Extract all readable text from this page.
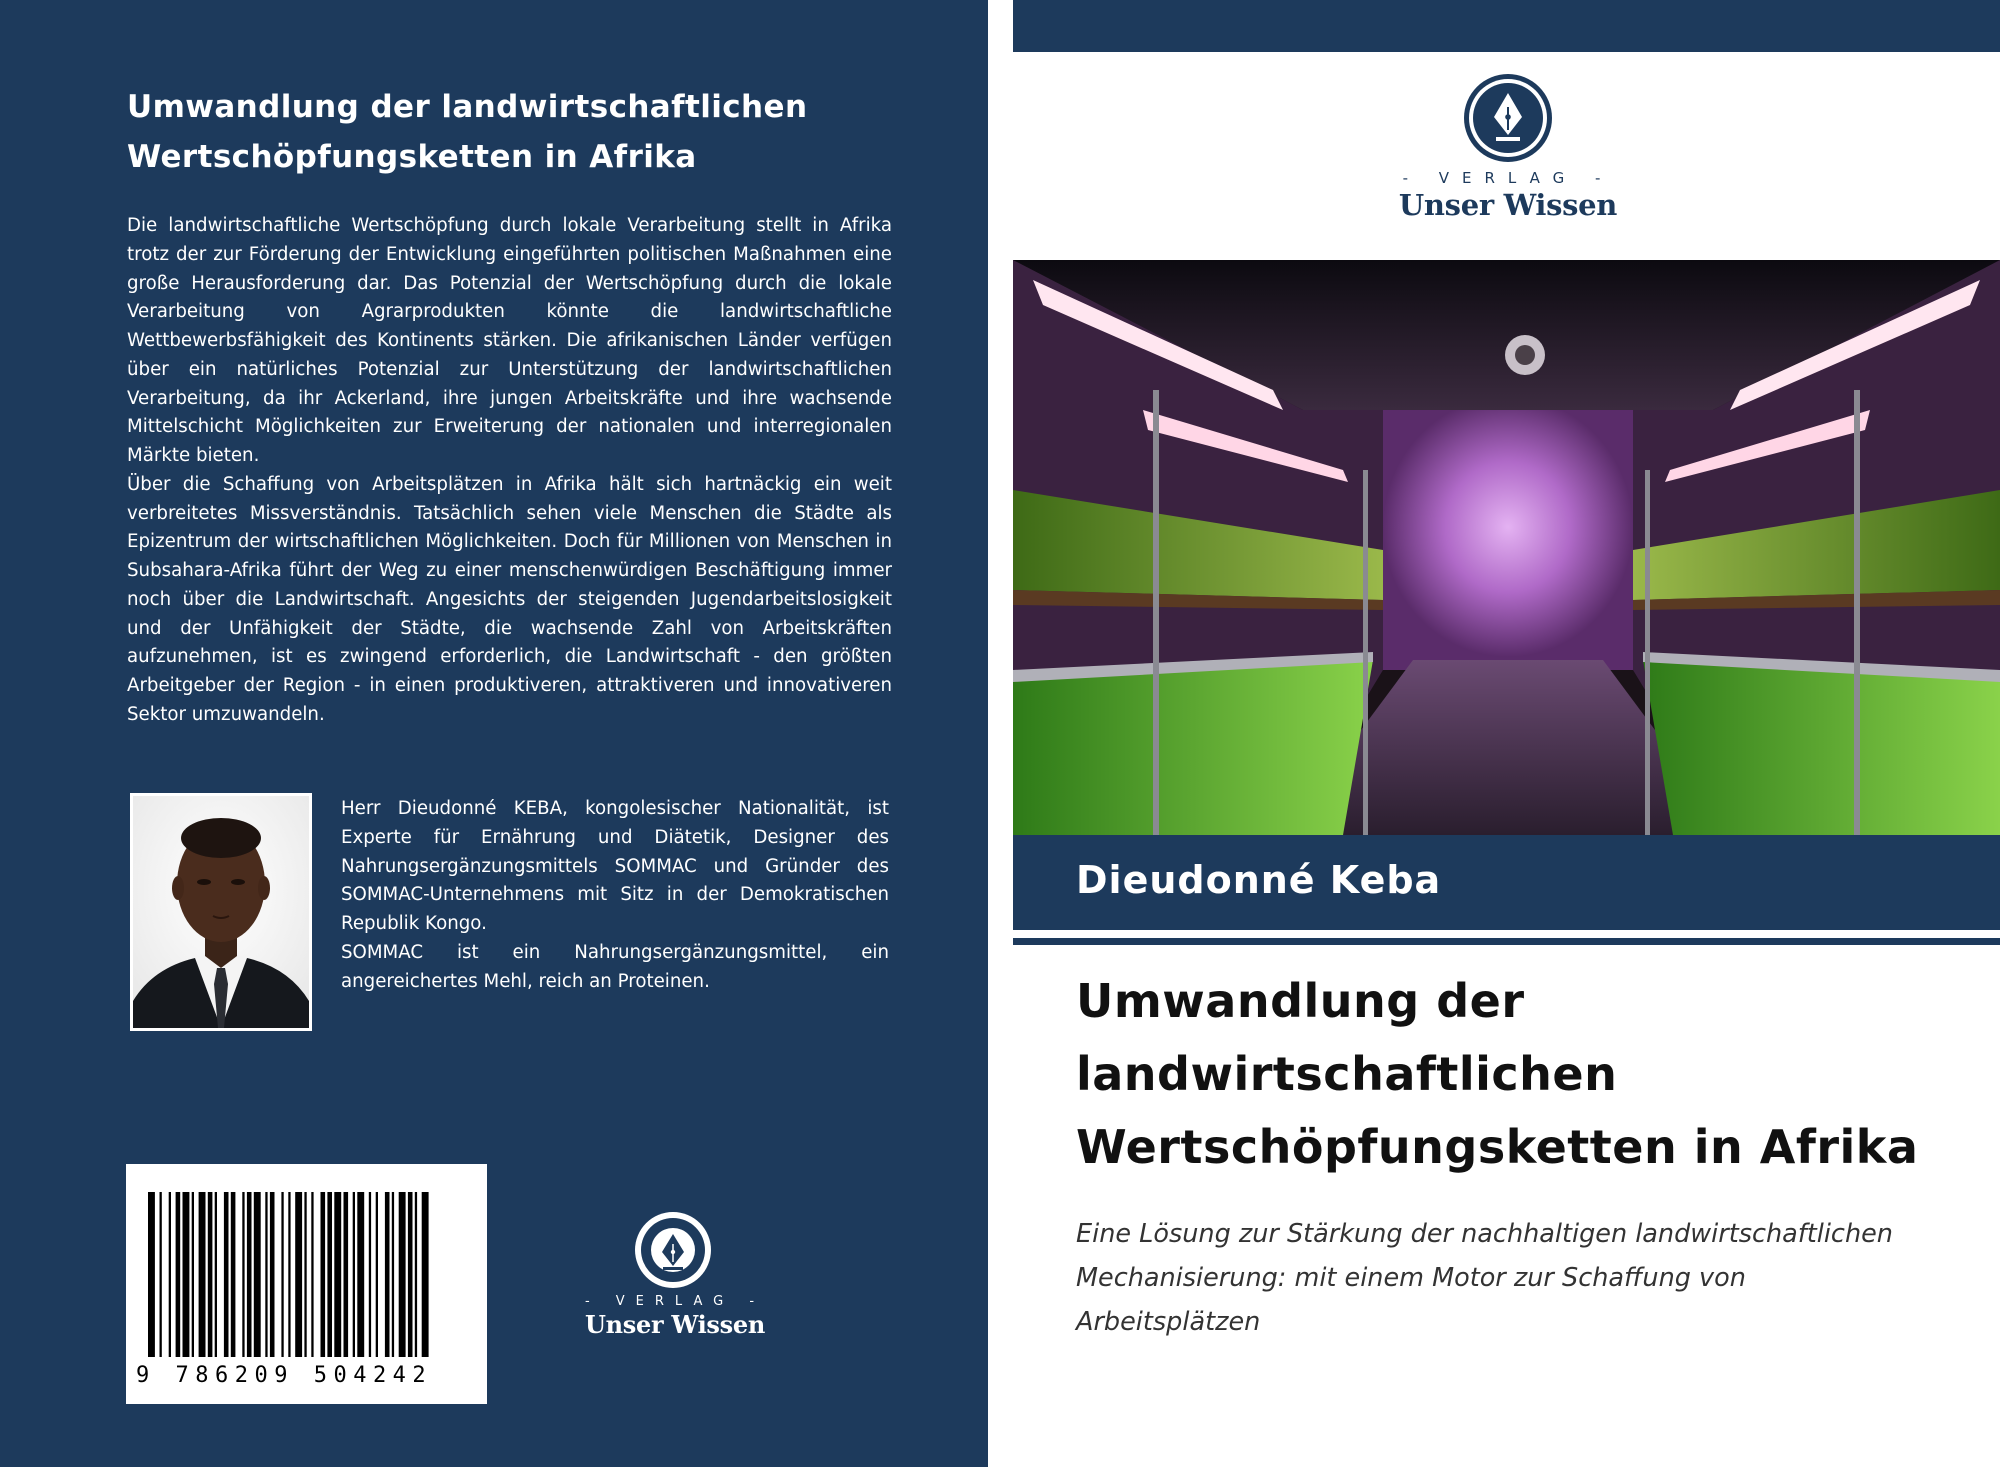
Umwandlung der landwirtschaftlichen
Wertschöpfungsketten in Afrika

Die landwirtschaftliche Wertschöpfung durch lokale Verarbeitung stellt in Afrika trotz der zur Förderung der Entwicklung eingeführten politischen Maßnahmen eine große Herausforderung dar. Das Potenzial der Wertschöpfung durch die lokale Verarbeitung von Agrarprodukten könnte die landwirtschaftliche Wettbewerbsfähigkeit des Kontinents stärken. Die afrikanischen Länder verfügen über ein natürliches Potenzial zur Unterstützung der landwirtschaftlichen Verarbeitung, da ihr Ackerland, ihre jungen Arbeitskräfte und ihre wachsende Mittelschicht Möglichkeiten zur Erweiterung der nationalen und interregionalen Märkte bieten.

Über die Schaffung von Arbeitsplätzen in Afrika hält sich hartnäckig ein weit verbreitetes Missverständnis. Tatsächlich sehen viele Menschen die Städte als Epizentrum der wirtschaftlichen Möglichkeiten. Doch für Millionen von Menschen in Subsahara-Afrika führt der Weg zu einer menschenwürdigen Beschäftigung immer noch über die Landwirtschaft. Angesichts der steigenden Jugendarbeitslosigkeit und der Unfähigkeit der Städte, die wachsende Zahl von Arbeitskräften aufzunehmen, ist es zwingend erforderlich, die Landwirtschaft - den größten Arbeitgeber der Region - in einen produktiveren, attraktiveren und innovativeren Sektor umzuwandeln.

Herr Dieudonné KEBA, kongolesischer Nationalität, ist Experte für Ernährung und Diätetik, Designer des Nahrungsergänzungsmittels SOMMAC und Gründer des SOMMAC-Unternehmens mit Sitz in der Demokratischen Republik Kongo.

SOMMAC ist ein Nahrungsergänzungsmittel, ein angereichertes Mehl, reich an Proteinen.

9 786209 504242
- VERLAG -
Unser Wissen
- VERLAG -
Unser Wissen
Dieudonné Keba
Umwandlung der
landwirtschaftlichen
Wertschöpfungsketten in Afrika
Eine Lösung zur Stärkung der nachhaltigen landwirtschaftlichen
Mechanisierung: mit einem Motor zur Schaffung von
Arbeitsplätzen
